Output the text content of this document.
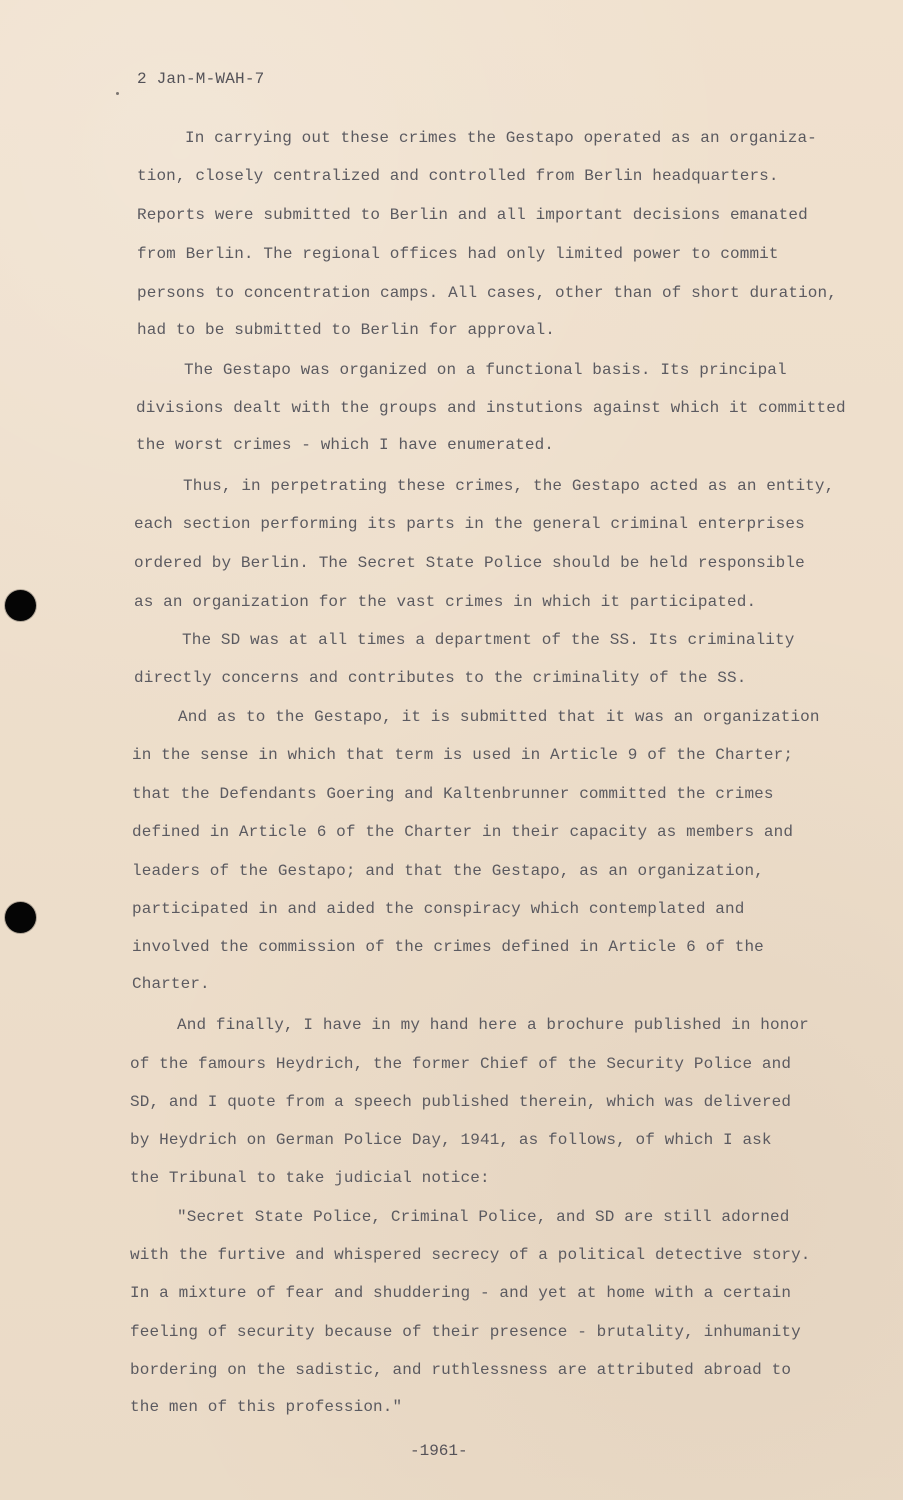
2 Jan-M-WAH-7
In carrying out these crimes the Gestapo operated as an organiza-
tion, closely centralized and controlled from Berlin headquarters.
Reports were submitted to Berlin and all important decisions emanated
from Berlin. The regional offices had only limited power to commit
persons to concentration camps. All cases, other than of short duration,
had to be submitted to Berlin for approval.
The Gestapo was organized on a functional basis. Its principal
divisions dealt with the groups and instutions against which it committed
the worst crimes - which I have enumerated.
Thus, in perpetrating these crimes, the Gestapo acted as an entity,
each section performing its parts in the general criminal enterprises
ordered by Berlin. The Secret State Police should be held responsible
as an organization for the vast crimes in which it participated.
The SD was at all times a department of the SS. Its criminality
directly concerns and contributes to the criminality of the SS.
And as to the Gestapo, it is submitted that it was an organization
in the sense in which that term is used in Article 9 of the Charter;
that the Defendants Goering and Kaltenbrunner committed the crimes
defined in Article 6 of the Charter in their capacity as members and
leaders of the Gestapo; and that the Gestapo, as an organization,
participated in and aided the conspiracy which contemplated and
involved the commission of the crimes defined in Article 6 of the
Charter.
And finally, I have in my hand here a brochure published in honor
of the famours Heydrich, the former Chief of the Security Police and
SD, and I quote from a speech published therein, which was delivered
by Heydrich on German Police Day, 1941, as follows, of which I ask
the Tribunal to take judicial notice:
"Secret State Police, Criminal Police, and SD are still adorned
with the furtive and whispered secrecy of a political detective story.
In a mixture of fear and shuddering - and yet at home with a certain
feeling of security because of their presence - brutality, inhumanity
bordering on the sadistic, and ruthlessness are attributed abroad to
the men of this profession."
-1961-
